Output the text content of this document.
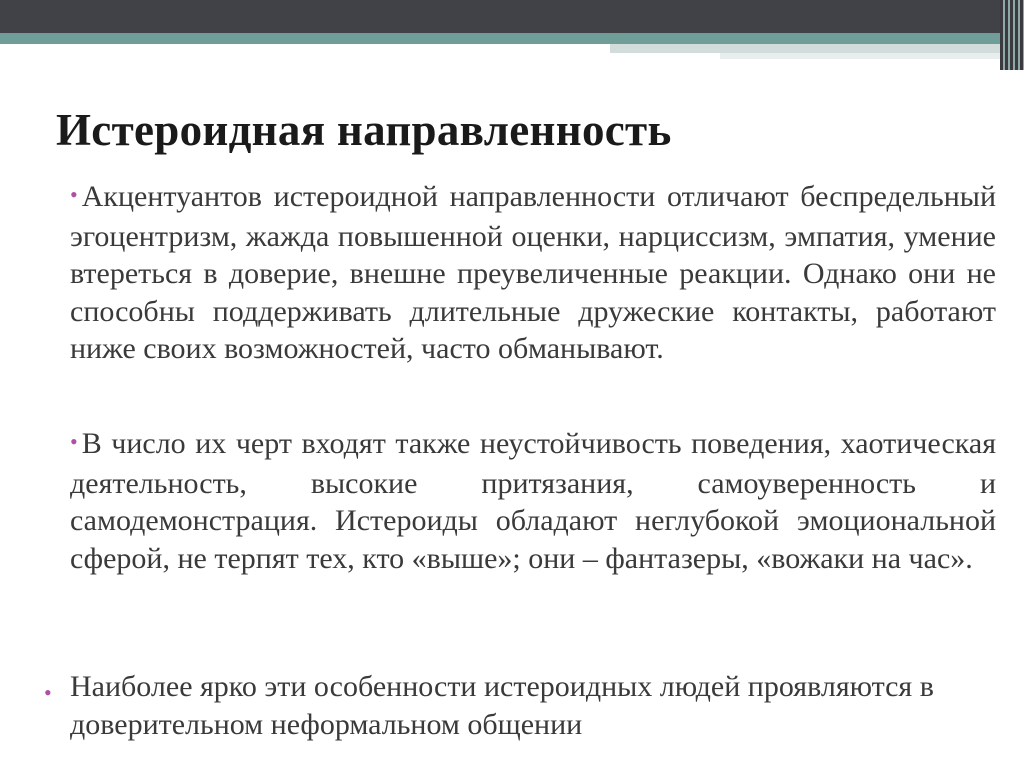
Истероидная направленность

• Акцентуантов истероидной направленности отличают беспредельный эгоцентризм, жажда повышенной оценки, нарциссизм, эмпатия, умение втереться в доверие, внешне преувеличенные реакции. Однако они не способны поддерживать длительные дружеские контакты, работают ниже своих возможностей, часто обманывают.

• В число их черт входят также неустойчивость поведения, хаотическая деятельность, высокие притязания, самоуверенность и самодемонстрация. Истероиды обладают неглубокой эмоциональной сферой, не терпят тех, кто «выше»; они – фантазеры, «вожаки на час».

• Наиболее ярко эти особенности истероидных людей проявляются в доверительном неформальном общении
